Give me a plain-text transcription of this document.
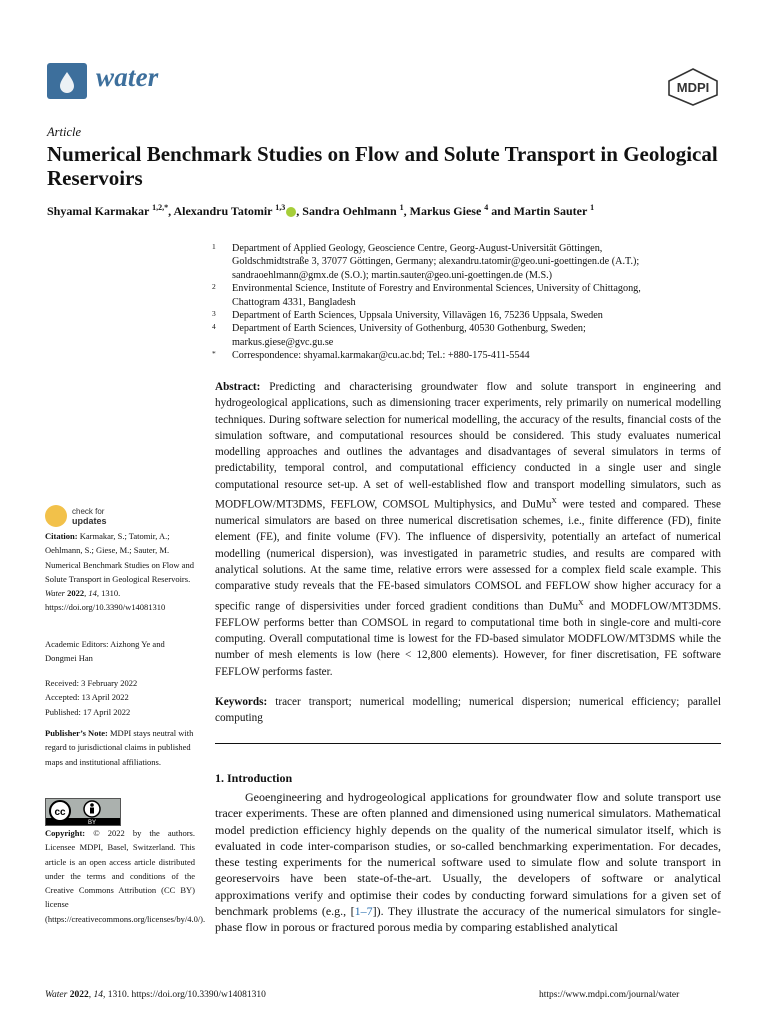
water	MDPI
Article
Numerical Benchmark Studies on Flow and Solute Transport in Geological Reservoirs
Shyamal Karmakar $^{1,2,*}$, Alexandru Tatomir $^{1,3}$ , Sandra Oehlmann $^1$, Markus Giese $^4$ and Martin Sauter $^1$
1 Department of Applied Geology, Geoscience Centre, Georg-August-Universität Göttingen,
Goldschmidtstraße 3, 37077 Göttingen, Germany; alexandru.tatomir@geo.uni-goettingen.de (A.T.);
sandraoehlmann@gmx.de (S.O.); martin.sauter@geo.uni-goettingen.de (M.S.)
2 Environmental Science, Institute of Forestry and Environmental Sciences, University of Chittagong,
Chattogram 4331, Bangladesh
3 Department of Earth Sciences, Uppsala University, Villavägen 16, 75236 Uppsala, Sweden
4 Department of Earth Sciences, University of Gothenburg, 40530 Gothenburg, Sweden;
markus.giese@gvc.gu.se
* Correspondence: shyamal.karmakar@cu.ac.bd; Tel.: +880-175-411-5544
Abstract: Predicting and characterising groundwater flow and solute transport in engineering and hydrogeological applications, such as dimensioning tracer experiments, rely primarily on numerical modelling techniques. During software selection for numerical modelling, the accuracy of the results, financial costs of the simulation software, and computational resources should be considered. This study evaluates numerical modelling approaches and outlines the advantages and disadvantages of several simulators in terms of predictability, temporal control, and computational efficiency conducted in a single user and single computational resource set-up. A set of well-established flow and transport modelling simulators, such as MODFLOW/MT3DMS, FEFLOW, COMSOL Multiphysics, and DuMu$^X$ were tested and compared. These numerical simulators are based on three numerical discretisation schemes, i.e., finite difference (FD), finite element (FE), and finite volume (FV). The influence of dispersivity, potentially an artefact of numerical modelling (numerical dispersion), was investigated in parametric studies, and results are compared with analytical solutions. At the same time, relative errors were assessed for a complex field scale example. This comparative study reveals that the FE-based simulators COMSOL and FEFLOW show higher accuracy for a specific range of dispersivities under forced gradient conditions than DuMu$^X$ and MODFLOW/MT3DMS. FEFLOW performs better than COMSOL in regard to computational time both in single-core and multi-core computing. Overall computational time is lowest for the FD-based simulator MODFLOW/MT3DMS while the number of mesh elements is low (here < 12,800 elements). However, for finer discretisation, FE software FEFLOW performs faster.
Keywords: tracer transport; numerical modelling; numerical dispersion; numerical efficiency; parallel computing
check for
updates
Citation: Karmakar, S.; Tatomir, A.; Oehlmann, S.; Giese, M.; Sauter, M. Numerical Benchmark Studies on Flow and Solute Transport in Geological Reservoirs. Water 2022, 14, 1310. https://doi.org/10.3390/w14081310
Academic Editors: Aizhong Ye and Dongmei Han
Received: 3 February 2022
Accepted: 13 April 2022
Published: 17 April 2022
Publisher’s Note: MDPI stays neutral with regard to jurisdictional claims in published maps and institutional affiliations.
cc
BY
Copyright: © 2022 by the authors. Licensee MDPI, Basel, Switzerland. This article is an open access article distributed under the terms and conditions of the Creative Commons Attribution (CC BY) license (https://creativecommons.org/licenses/by/4.0/).
1. Introduction
Geoengineering and hydrogeological applications for groundwater flow and solute transport use tracer experiments. These are often planned and dimensioned using numerical simulators. Mathematical model prediction efficiency highly depends on the quality of the numerical simulator itself, which is evaluated in code inter-comparison studies, or so-called benchmarking experimentation. For decades, these testing experiments for the numerical software used to simulate flow and solute transport in georeservoirs have been state-of-the-art. Usually, the developers of software or analytical approximations verify and optimise their codes by conducting forward simulations for a given set of benchmark problems (e.g., [1–7]). They illustrate the accuracy of the numerical simulators for single-phase flow in porous or fractured porous media by comparing established analytical
Water 2022, 14, 1310. https://doi.org/10.3390/w14081310	https://www.mdpi.com/journal/water
